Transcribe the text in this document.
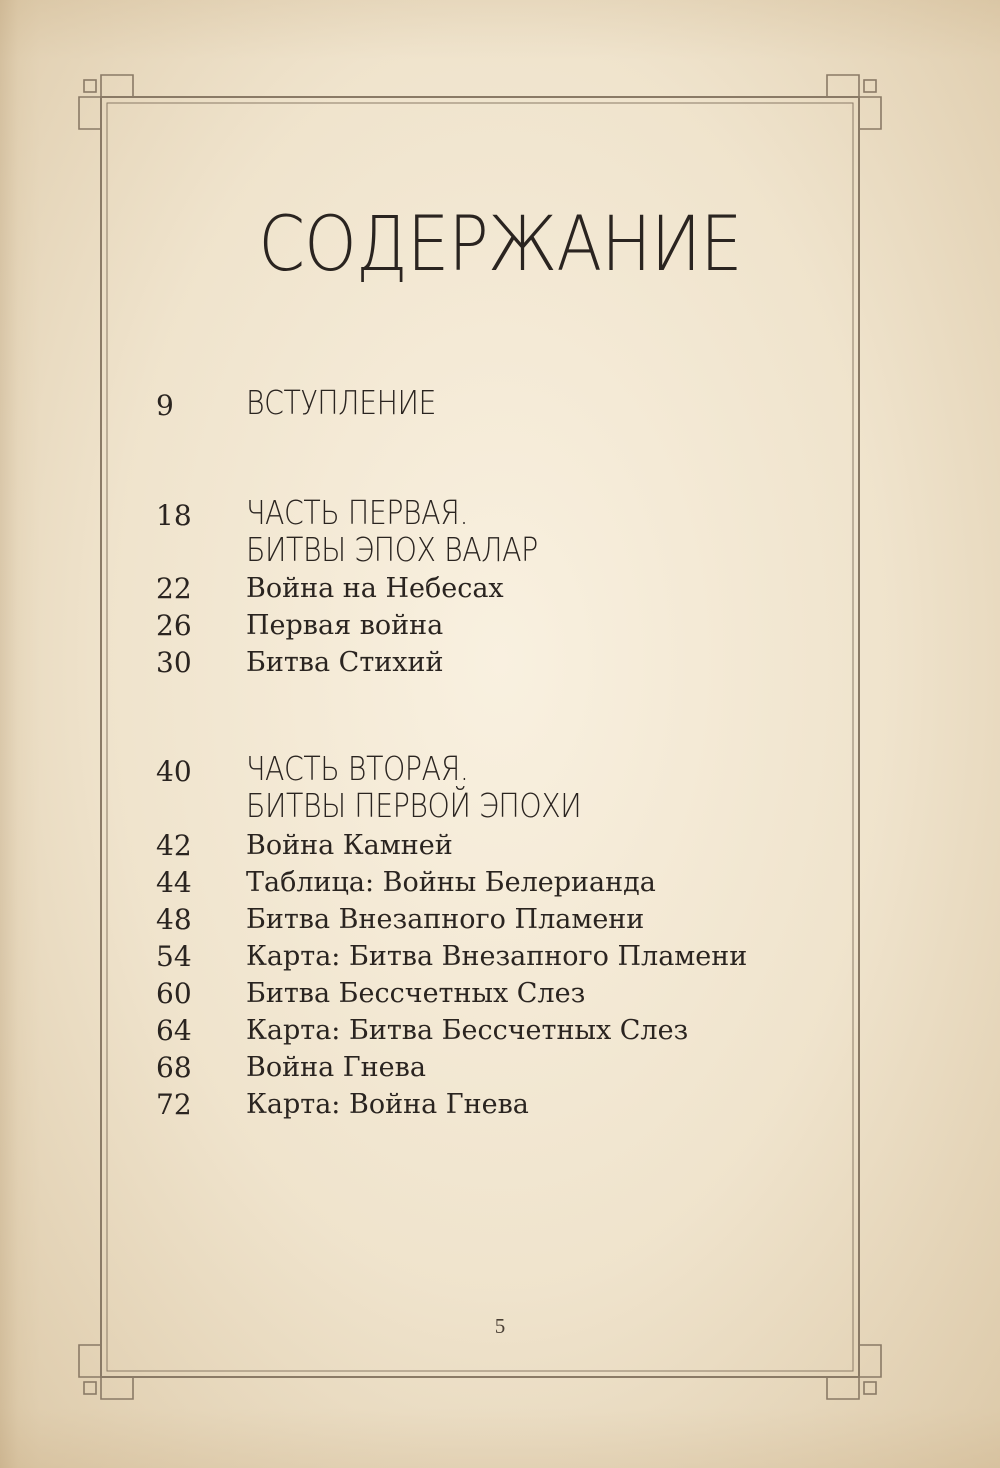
СОДЕРЖАНИЕ
9	ВСТУПЛЕНИЕ
18	ЧАСТЬ ПЕРВАЯ.
БИТВЫ ЭПОХ ВАЛАР
22	Война на Небесах
26	Первая война
30	Битва Стихий
40	ЧАСТЬ ВТОРАЯ.
БИТВЫ ПЕРВОЙ ЭПОХИ
42	Война Камней
44	Таблица: Войны Белерианда
48	Битва Внезапного Пламени
54	Карта: Битва Внезапного Пламени
60	Битва Бессчетных Слез
64	Карта: Битва Бессчетных Слез
68	Война Гнева
72	Карта: Война Гнева
5
